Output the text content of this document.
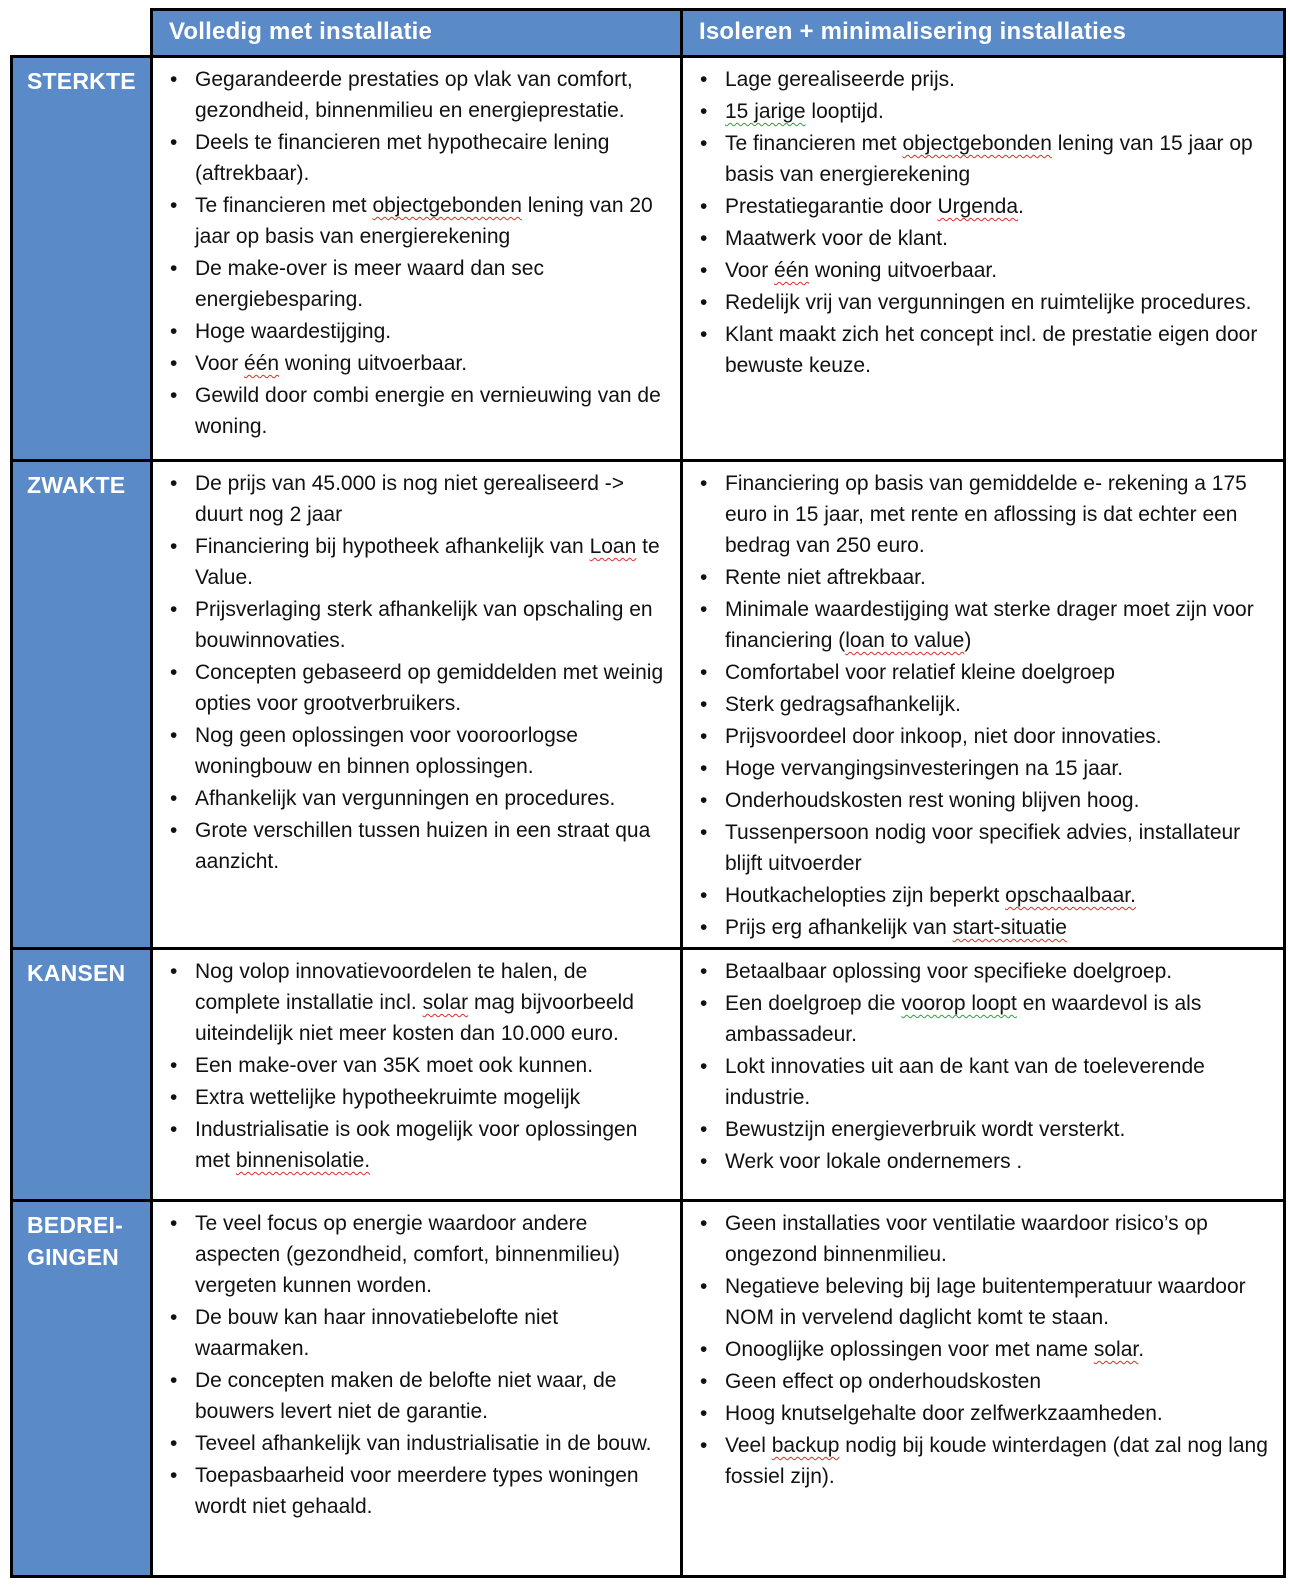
	Volledig met installatie	Isoleren + minimalisering installaties
STERKTE	
•Gegarandeerde prestaties op vlak van comfort, gezondheid, binnenmilieu en energieprestatie.
• Deels te financieren met hypothecaire lening (aftrekbaar).
• Te financieren met objectgebonden lening van 20 jaar op basis van energierekening
• De make-over is meer waard dan sec energiebesparing.
• Hoge waardestijging.
• Voor één woning uitvoerbaar.
• Gewild door combi energie en vernieuwing van de woning.

• Lage gerealiseerde prijs.
• 15 jarige looptijd.
• Te financieren met objectgebonden lening van 15 jaar op basis van energierekening
• Prestatiegarantie door Urgenda.
• Maatwerk voor de klant.
• Voor één woning uitvoerbaar.
• Redelijk vrij van vergunningen en ruimtelijke procedures.
• Klant maakt zich het concept incl. de prestatie eigen door bewuste keuze.

ZWAKTE	
•De prijs van 45.000 is nog niet gerealiseerd -> duurt nog 2 jaar
• Financiering bij hypotheek afhankelijk van Loan te Value.
• Prijsverlaging sterk afhankelijk van opschaling en bouwinnovaties.
• Concepten gebaseerd op gemiddelden met weinig opties voor grootverbruikers.
• Nog geen oplossingen voor vooroorlogse woningbouw en binnen oplossingen.
• Afhankelijk van vergunningen en procedures.
• Grote verschillen tussen huizen in een straat qua aanzicht.

• Financiering op basis van gemiddelde e- rekening a 175 euro in 15 jaar, met rente en aflossing is dat echter een bedrag van 250 euro.
• Rente niet aftrekbaar.
• Minimale waardestijging wat sterke drager moet zijn voor financiering (loan to value)
• Comfortabel voor relatief kleine doelgroep
• Sterk gedragsafhankelijk.
• Prijsvoordeel door inkoop, niet door innovaties.
• Hoge vervangingsinvesteringen na 15 jaar.
• Onderhoudskosten rest woning blijven hoog.
• Tussenpersoon nodig voor specifiek advies, installateur blijft uitvoerder
• Houtkachelopties zijn beperkt opschaalbaar.
• Prijs erg afhankelijk van start-situatie

KANSEN	
•Nog volop innovatievoordelen te halen, de complete installatie incl. solar mag bijvoorbeeld uiteindelijk niet meer kosten dan 10.000 euro.
• Een make-over van 35K moet ook kunnen.
• Extra wettelijke hypotheekruimte mogelijk
• Industrialisatie is ook mogelijk voor oplossingen met binnenisolatie.

• Betaalbaar oplossing voor specifieke doelgroep.
• Een doelgroep die voorop loopt en waardevol is als ambassadeur.
• Lokt innovaties uit aan de kant van de toeleverende industrie.
• Bewustzijn energieverbruik wordt versterkt.
• Werk voor lokale ondernemers .

BEDREI-
GINGEN	
• Te veel focus op energie waardoor andere aspecten (gezondheid, comfort, binnenmilieu) vergeten kunnen worden.
• De bouw kan haar innovatiebelofte niet waarmaken.
• De concepten maken de belofte niet waar, de bouwers levert niet de garantie.
• Teveel afhankelijk van industrialisatie in de bouw.
• Toepasbaarheid voor meerdere types woningen wordt niet gehaald.

• Geen installaties voor ventilatie waardoor risico’s op ongezond binnenmilieu.
• Negatieve beleving bij lage buitentemperatuur waardoor NOM in vervelend daglicht komt te staan.
• Onooglijke oplossingen voor met name solar.
• Geen effect op onderhoudskosten
• Hoog knutselgehalte door zelfwerkzaamheden.
• Veel backup nodig bij koude winterdagen (dat zal nog lang fossiel zijn).
